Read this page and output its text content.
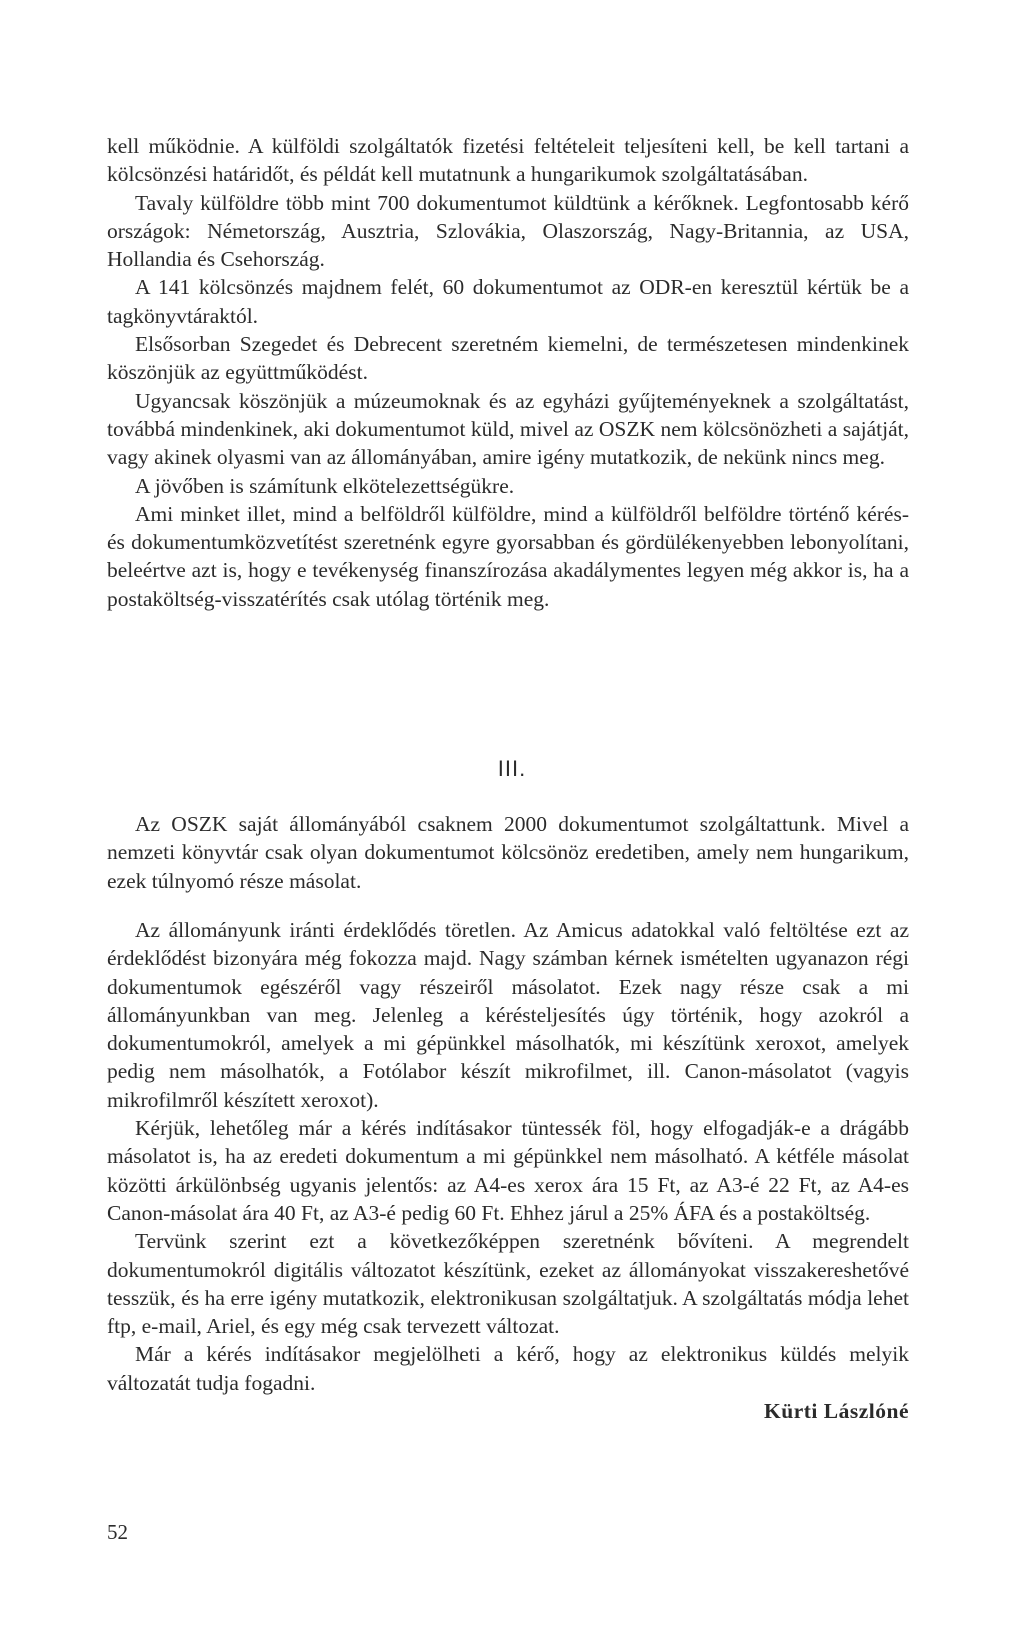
kell működnie. A külföldi szolgáltatók fizetési feltételeit teljesíteni kell, be kell tartani a kölcsönzési határidőt, és példát kell mutatnunk a hungarikumok szolgáltatásában.

Tavaly külföldre több mint 700 dokumentumot küldtünk a kérőknek. Legfontosabb kérő országok: Németország, Ausztria, Szlovákia, Olaszország, Nagy-Britannia, az USA, Hollandia és Csehország.

A 141 kölcsönzés majdnem felét, 60 dokumentumot az ODR-en keresztül kértük be a tagkönyvtáraktól.

Elsősorban Szegedet és Debrecent szeretném kiemelni, de természetesen mindenkinek köszönjük az együttműködést.

Ugyancsak köszönjük a múzeumoknak és az egyházi gyűjteményeknek a szolgáltatást, továbbá mindenkinek, aki dokumentumot küld, mivel az OSZK nem kölcsönözheti a sajátját, vagy akinek olyasmi van az állományában, amire igény mutatkozik, de nekünk nincs meg.

A jövőben is számítunk elkötelezettségükre.

Ami minket illet, mind a belföldről külföldre, mind a külföldről belföldre történő kérés- és dokumentumközvetítést szeretnénk egyre gyorsabban és gördülékenyebben lebonyolítani, beleértve azt is, hogy e tevékenység finanszírozása akadálymentes legyen még akkor is, ha a postaköltség-visszatérítés csak utólag történik meg.

III.

Az OSZK saját állományából csaknem 2000 dokumentumot szolgáltattunk. Mivel a nemzeti könyvtár csak olyan dokumentumot kölcsönöz eredetiben, amely nem hungarikum, ezek túlnyomó része másolat.

Az állományunk iránti érdeklődés töretlen. Az Amicus adatokkal való feltöltése ezt az érdeklődést bizonyára még fokozza majd. Nagy számban kérnek ismételten ugyanazon régi dokumentumok egészéről vagy részeiről másolatot. Ezek nagy része csak a mi állományunkban van meg. Jelenleg a kérésteljesítés úgy történik, hogy azokról a dokumentumokról, amelyek a mi gépünkkel másolhatók, mi készítünk xeroxot, amelyek pedig nem másolhatók, a Fotólabor készít mikrofilmet, ill. Canon-másolatot (vagyis mikrofilmről készített xeroxot).

Kérjük, lehetőleg már a kérés indításakor tüntessék föl, hogy elfogadják-e a drágább másolatot is, ha az eredeti dokumentum a mi gépünkkel nem másolható. A kétféle másolat közötti árkülönbség ugyanis jelentős: az A4-es xerox ára 15 Ft, az A3-é 22 Ft, az A4-es Canon-másolat ára 40 Ft, az A3-é pedig 60 Ft. Ehhez járul a 25% ÁFA és a postaköltség.

Tervünk szerint ezt a következőképpen szeretnénk bővíteni. A megrendelt dokumentumokról digitális változatot készítünk, ezeket az állományokat visszakereshetővé tesszük, és ha erre igény mutatkozik, elektronikusan szolgáltatjuk. A szolgáltatás módja lehet ftp, e-mail, Ariel, és egy még csak tervezett változat.

Már a kérés indításakor megjelölheti a kérő, hogy az elektronikus küldés melyik változatát tudja fogadni.

Kürti Lászlóné

52
